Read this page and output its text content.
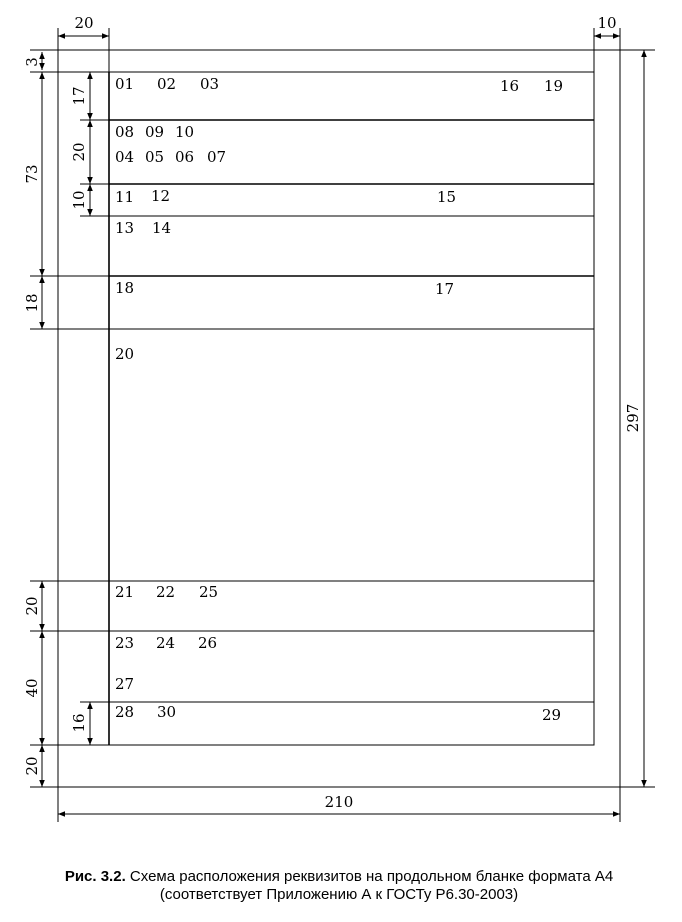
20	10
3
73
18
20
40
20
17
20
10
16
297
210
01 02 03	16 19
08 09 10
04 05 06 07
11 12	15
13 14
18	17
20
21 22 25
23 24 26
27
28 30	29
Рис. 3.2. Схема расположения реквизитов на продольном бланке формата А4
(соответствует Приложению А к ГОСТу Р6.30-2003)
